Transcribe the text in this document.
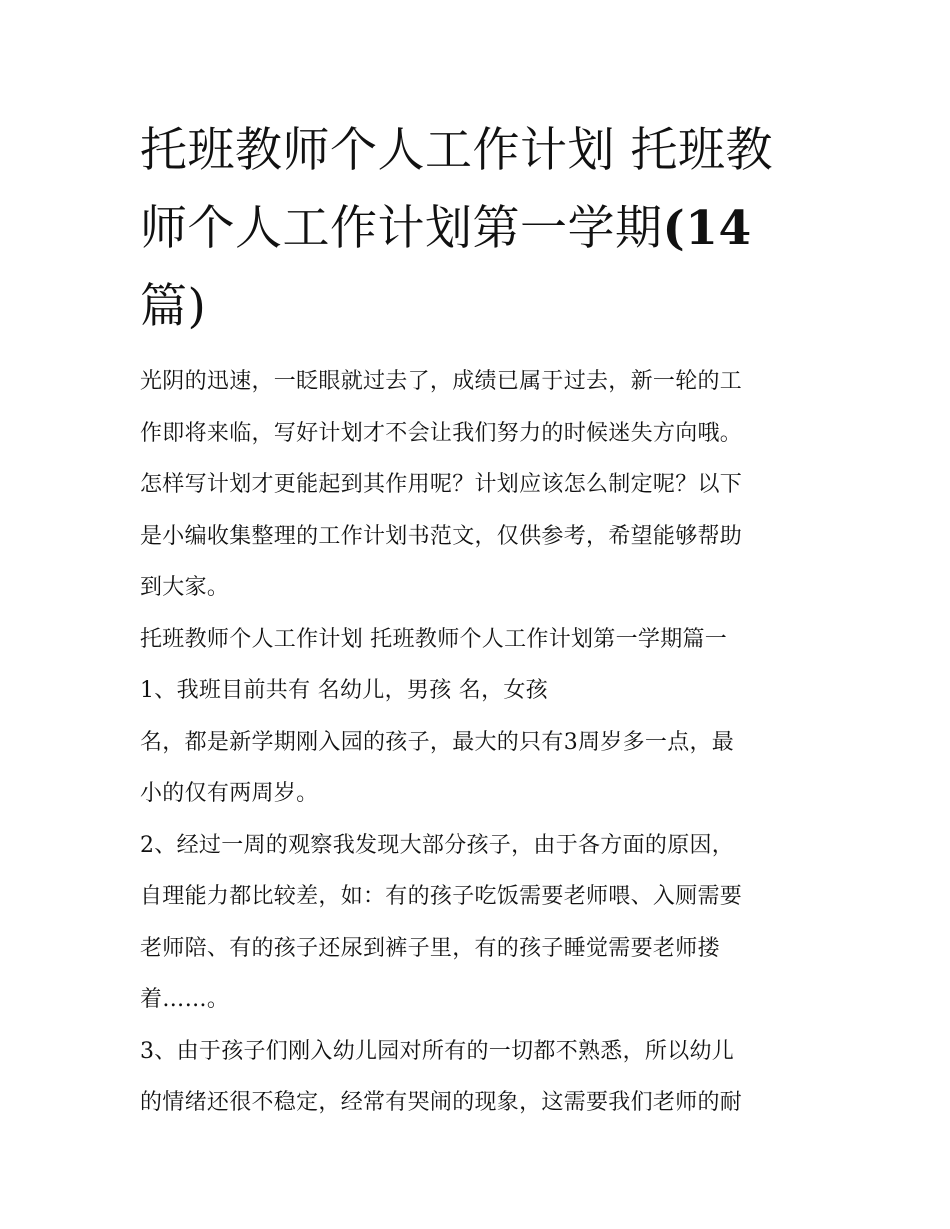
托班教师个人工作计划 托班教
师个人工作计划第一学期(14
篇)
光阴的迅速，一眨眼就过去了，成绩已属于过去，新一轮的工
作即将来临，写好计划才不会让我们努力的时候迷失方向哦。
怎样写计划才更能起到其作用呢？计划应该怎么制定呢？以下
是小编收集整理的工作计划书范文，仅供参考，希望能够帮助
到大家。
托班教师个人工作计划 托班教师个人工作计划第一学期篇一
1、我班目前共有 名幼儿，男孩 名，女孩
名，都是新学期刚入园的孩子，最大的只有3周岁多一点，最
小的仅有两周岁。
2、经过一周的观察我发现大部分孩子，由于各方面的原因，
自理能力都比较差，如：有的孩子吃饭需要老师喂、入厕需要
老师陪、有的孩子还尿到裤子里，有的孩子睡觉需要老师搂
着……。
3、由于孩子们刚入幼儿园对所有的一切都不熟悉，所以幼儿
的情绪还很不稳定，经常有哭闹的现象，这需要我们老师的耐
